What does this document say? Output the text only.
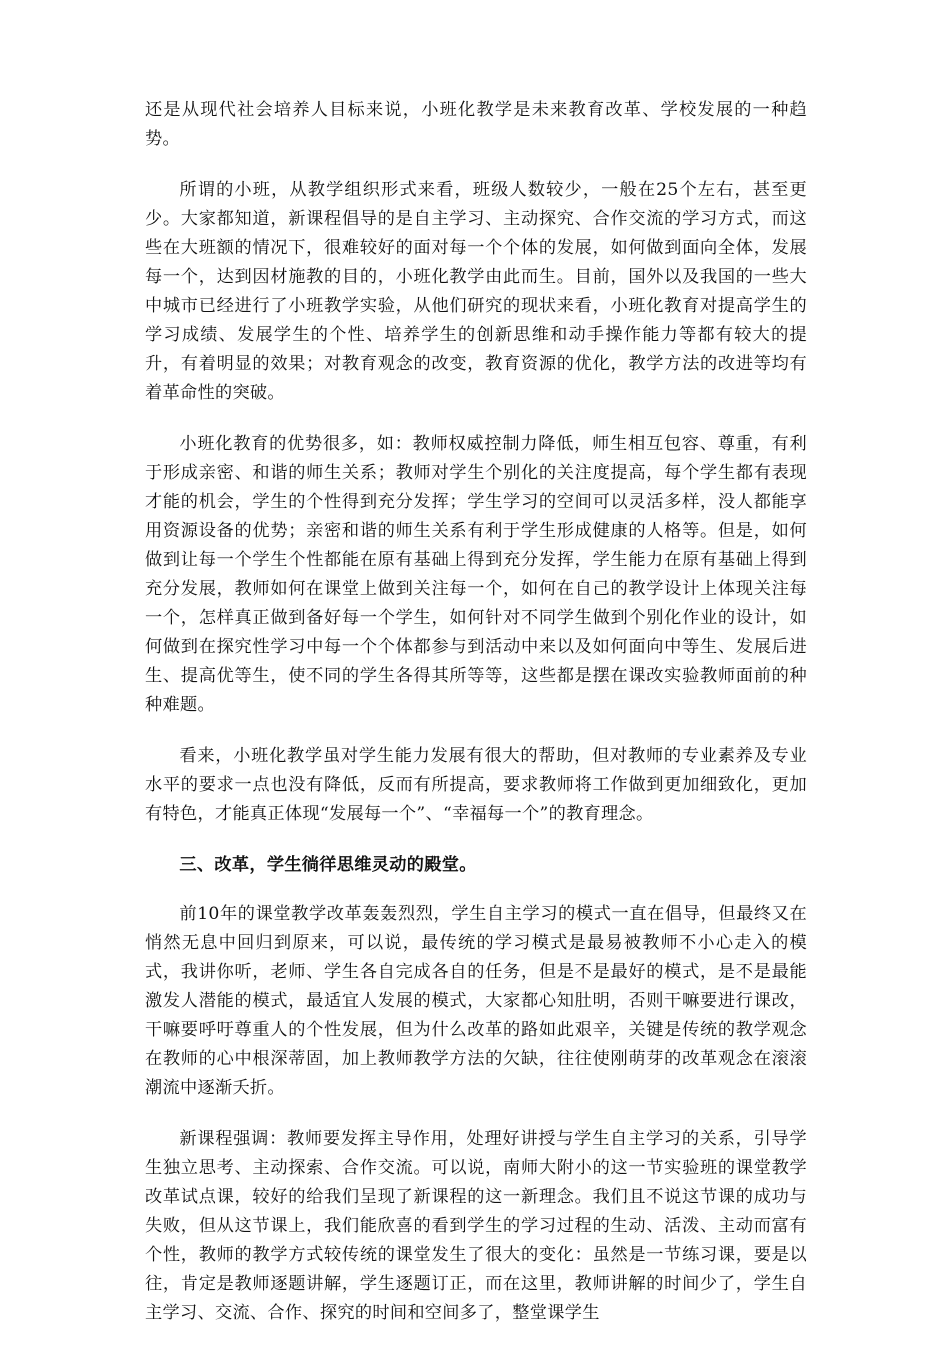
还是从现代社会培养人目标来说，小班化教学是未来教育改革、学校发展的一种趋势。

所谓的小班，从教学组织形式来看，班级人数较少，一般在25个左右，甚至更少。大家都知道，新课程倡导的是自主学习、主动探究、合作交流的学习方式，而这些在大班额的情况下，很难较好的面对每一个个体的发展，如何做到面向全体，发展每一个，达到因材施教的目的，小班化教学由此而生。目前，国外以及我国的一些大中城市已经进行了小班教学实验，从他们研究的现状来看，小班化教育对提高学生的学习成绩、发展学生的个性、培养学生的创新思维和动手操作能力等都有较大的提升，有着明显的效果；对教育观念的改变，教育资源的优化，教学方法的改进等均有着革命性的突破。

小班化教育的优势很多，如：教师权威控制力降低，师生相互包容、尊重，有利于形成亲密、和谐的师生关系；教师对学生个别化的关注度提高，每个学生都有表现才能的机会，学生的个性得到充分发挥；学生学习的空间可以灵活多样，没人都能享用资源设备的优势；亲密和谐的师生关系有利于学生形成健康的人格等。但是，如何做到让每一个学生个性都能在原有基础上得到充分发挥，学生能力在原有基础上得到充分发展，教师如何在课堂上做到关注每一个，如何在自己的教学设计上体现关注每一个，怎样真正做到备好每一个学生，如何针对不同学生做到个别化作业的设计，如何做到在探究性学习中每一个个体都参与到活动中来以及如何面向中等生、发展后进生、提高优等生，使不同的学生各得其所等等，这些都是摆在课改实验教师面前的种种难题。

看来，小班化教学虽对学生能力发展有很大的帮助，但对教师的专业素养及专业水平的要求一点也没有降低，反而有所提高，要求教师将工作做到更加细致化，更加有特色，才能真正体现“发展每一个”、“幸福每一个”的教育理念。

三、改革，学生徜徉思维灵动的殿堂。

前10年的课堂教学改革轰轰烈烈，学生自主学习的模式一直在倡导，但最终又在悄然无息中回归到原来，可以说，最传统的学习模式是最易被教师不小心走入的模式，我讲你听，老师、学生各自完成各自的任务，但是不是最好的模式，是不是最能激发人潜能的模式，最适宜人发展的模式，大家都心知肚明，否则干嘛要进行课改，干嘛要呼吁尊重人的个性发展，但为什么改革的路如此艰辛，关键是传统的教学观念在教师的心中根深蒂固，加上教师教学方法的欠缺，往往使刚萌芽的改革观念在滚滚潮流中逐渐夭折。

新课程强调：教师要发挥主导作用，处理好讲授与学生自主学习的关系，引导学生独立思考、主动探索、合作交流。可以说，南师大附小的这一节实验班的课堂教学改革试点课，较好的给我们呈现了新课程的这一新理念。我们且不说这节课的成功与失败，但从这节课上，我们能欣喜的看到学生的学习过程的生动、活泼、主动而富有个性，教师的教学方式较传统的课堂发生了很大的变化：虽然是一节练习课，要是以往，肯定是教师逐题讲解，学生逐题订正，而在这里，教师讲解的时间少了，学生自主学习、交流、合作、探究的时间和空间多了，整堂课学生
